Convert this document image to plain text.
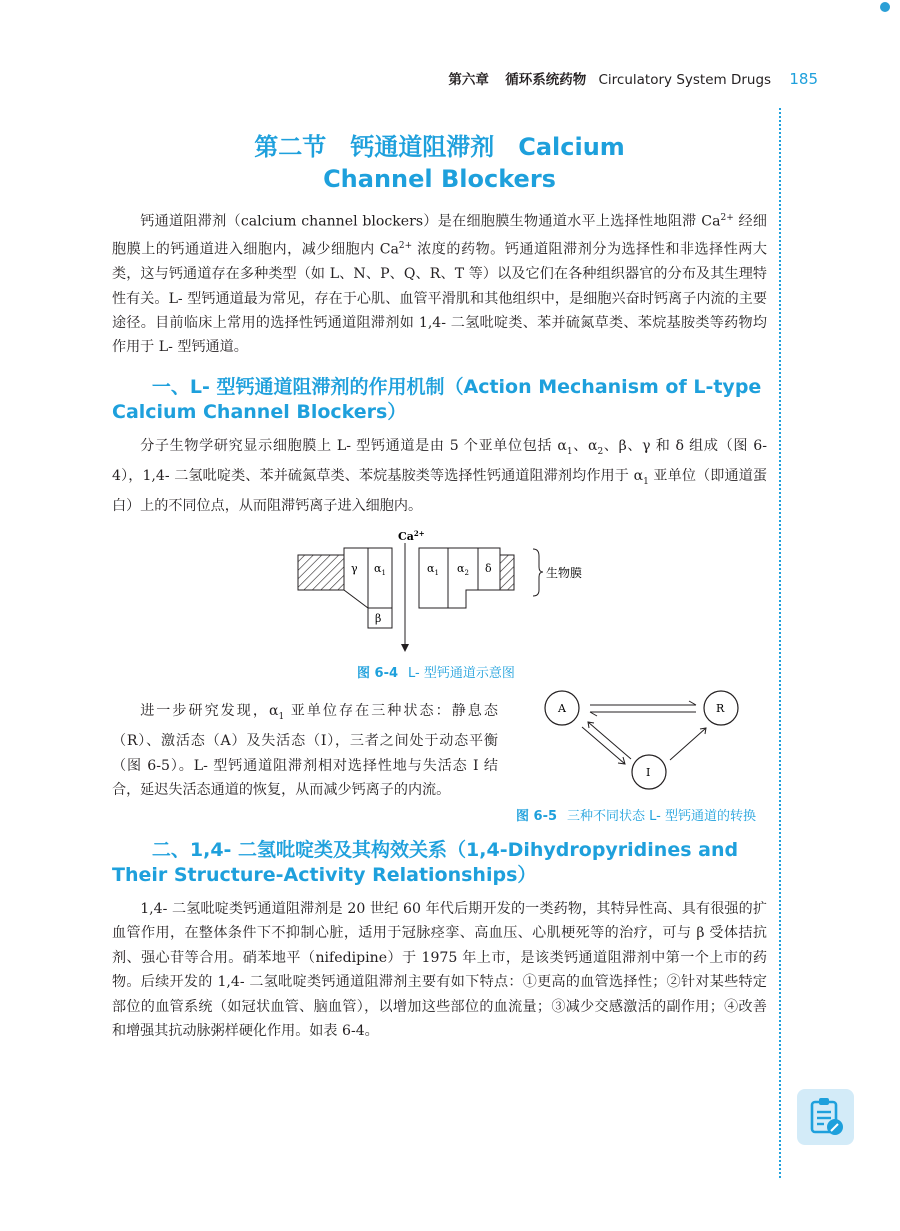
第六章 循环系统药物 Circulatory System Drugs 185
第二节　钙通道阻滞剂　Calcium
Channel Blockers

钙通道阻滞剂（calcium channel blockers）是在细胞膜生物通道水平上选择性地阻滞 $Ca^{2+}$ 经细胞膜上的钙通道进入细胞内，减少细胞内 $Ca^{2+}$ 浓度的药物。钙通道阻滞剂分为选择性和非选择性两大类，这与钙通道存在多种类型（如 L、N、P、Q、R、T 等）以及它们在各种组织器官的分布及其生理特性有关。L- 型钙通道最为常见，存在于心肌、血管平滑肌和其他组织中，是细胞兴奋时钙离子内流的主要途径。目前临床上常用的选择性钙通道阻滞剂如 1,4- 二氢吡啶类、苯并硫氮草类、苯烷基胺类等药物均作用于 L- 型钙通道。

一、L- 型钙通道阻滞剂的作用机制（Action Mechanism of L-type Calcium Channel Blockers）

分子生物学研究显示细胞膜上 L- 型钙通道是由 5 个亚单位包括 $\alpha_1$、$\alpha_2$、β、γ 和 δ 组成（图 6-4），1,4- 二氢吡啶类、苯并硫氮草类、苯烷基胺类等选择性钙通道阻滞剂均作用于 $\alpha_1$ 亚单位（即通道蛋白）上的不同位点，从而阻滞钙离子进入细胞内。

$Ca^{2+}$
γ $\alpha_1$	$\alpha_1$ $\alpha_2$ δ
β
生物膜
图 6-4 L- 型钙通道示意图

进一步研究发现，$\alpha_1$ 亚单位存在三种状态：静息态（R）、激活态（A）及失活态（I），三者之间处于动态平衡（图 6-5）。L- 型钙通道阻滞剂相对选择性地与失活态 I 结合，延迟失活态通道的恢复，从而减少钙离子的内流。

A	R
I
图 6-5 三种不同状态 L- 型钙通道的转换
二、1,4- 二氢吡啶类及其构效关系（1,4-Dihydropyridines and Their Structure-Activity Relationships）

1,4- 二氢吡啶类钙通道阻滞剂是 20 世纪 60 年代后期开发的一类药物，其特异性高、具有很强的扩血管作用，在整体条件下不抑制心脏，适用于冠脉痉挛、高血压、心肌梗死等的治疗，可与 β 受体拮抗剂、强心苷等合用。硝苯地平（nifedipine）于 1975 年上市，是该类钙通道阻滞剂中第一个上市的药物。后续开发的 1,4- 二氢吡啶类钙通道阻滞剂主要有如下特点：①更高的血管选择性；②针对某些特定部位的血管系统（如冠状血管、脑血管），以增加这些部位的血流量；③减少交感激活的副作用；④改善和增强其抗动脉粥样硬化作用。如表 6-4。
